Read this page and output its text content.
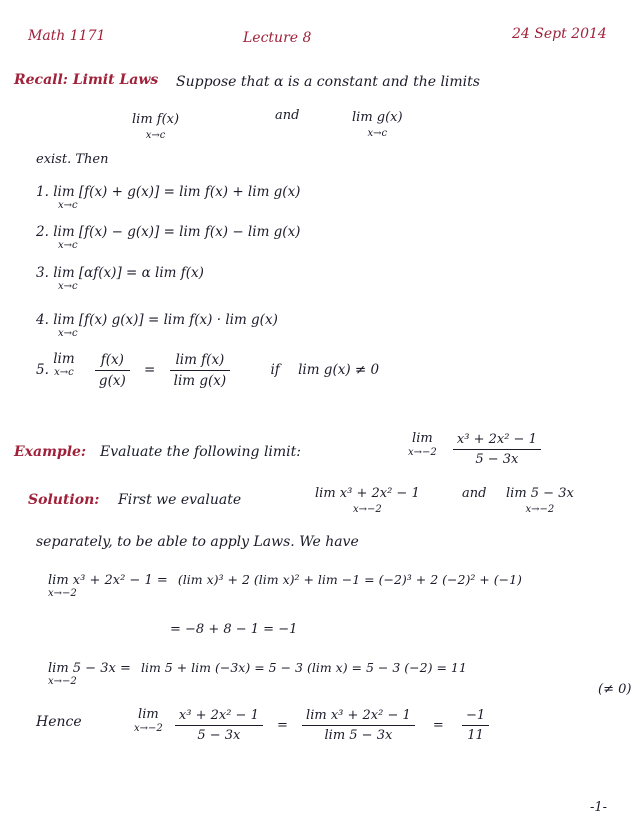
Math 1171	Lecture 8	24 Sept 2014
Recall: Limit Laws Suppose that α is a constant and the limits
lim f(x)
x→c
and	lim g(x)
x→c
exist. Then
1. lim [f(x) + g(x)] = lim f(x) + lim g(x)
x→c
2. lim [f(x) − g(x)] = lim f(x) − lim g(x)
x→c
3. lim [αf(x)] = α lim f(x)
x→c
4. lim [f(x) g(x)] = lim f(x) · lim g(x)
x→c
5. lim
x→c
$\frac{f(x)}{g(x)} = \frac{\text{lim f(x)}}{\text{lim g(x)}}$	if lim g(x) ≠ 0
Example: Evaluate the following limit:
lim
x→−2
$\frac{\text{x³ + 2x² − 1}}{5 - 3x}$
Solution: First we evaluate	lim x³ + 2x² − 1
x→−2
and lim 5 − 3x
x→−2
separately, to be able to apply Laws. We have
lim x³ + 2x² − 1 = (lim x)³ + 2 (lim x)² + lim −1 = (−2)³ + 2 (−2)² + (−1)
x→−2
= −8 + 8 − 1 = −1
lim 5 − 3x = lim 5 + lim (−3x) = 5 − 3 (lim x) = 5 − 3 (−2) = 11
x→−2
(≠ 0)
Hence	lim
x→−2
$\frac{\text{x³ + 2x² − 1}}{5 - 3x} = \frac{\text{lim x³ + 2x² − 1}}{\lim 5 - 3x} = \frac{-1}{11}$
-1-
